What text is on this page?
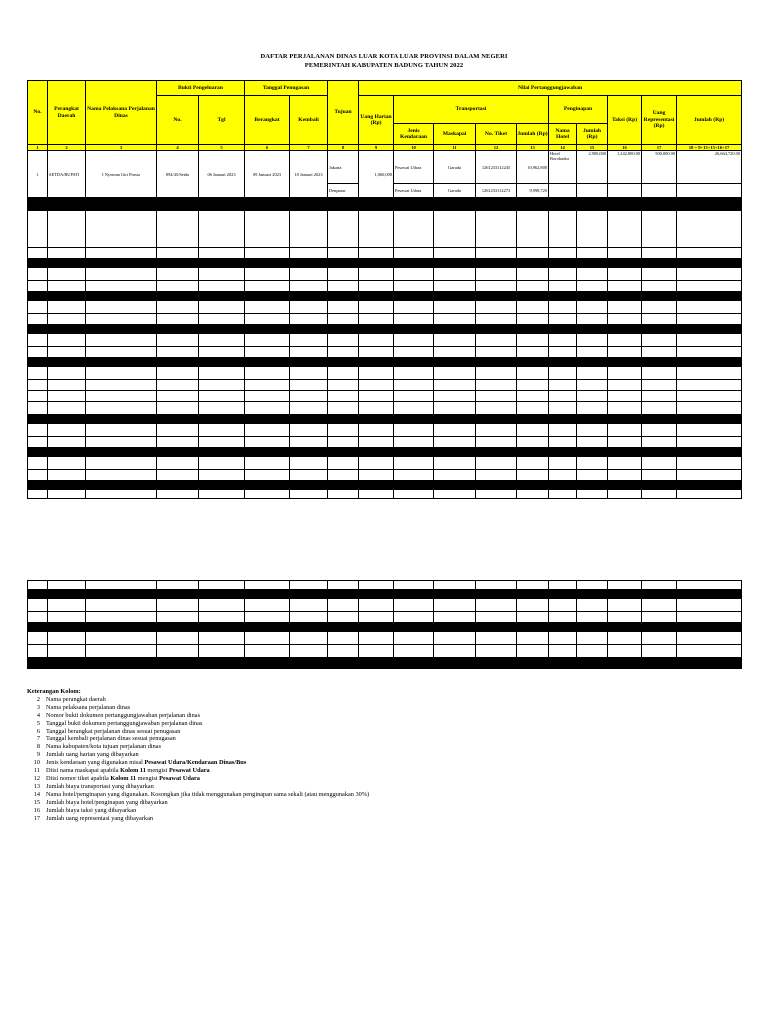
DAFTAR PERJALANAN DINAS LUAR KOTA LUAR PROVINSI DALAM NEGERI
PEMERINTAH KABUPATEN BADUNG TAHUN 2022
No.	Perangkat Daerah	Nama Pelaksana Perjalanan Dinas	Bukti Pengeluaran		Tanggal Penugasan		Tujuan	Nilai Pertanggungjawaban									
			No.	Tgl	Berangkat	Kembali		Uang Harian (Rp)	Transportasi				Penginapan		Taksi (Rp)	Uang Representasi (Rp)	Jumlah (Rp)
									Jenis Kendaraan	Maskapai	No. Tiket	Jumlah (Rp)	Nama Hotel	Jumlah (Rp)			
1	2	3	4	5	6	7	8	9	10	11	12	13	14	15	16	17	18 = 9+13+15+16+17
1	SETDA/BUPATI	I Nyoman Giri Prasta	894/45/Setda	06 Januari 2023	09 Januari 2023	10 Januari 2023	Jakarta	1,060,000	Pesawat Udara	Garuda	1261233112245	10,962,800	Hotel Borobudur	2,900,000	1,242,800.00	500,000.00	26,664,720.00
							Denpasar		Pesawat Udara	Garuda	1261233112273	9,998,720					

Keterangan Kolom:
2 Nama perangkat daerah
3 Nama pelaksana perjalanan dinas
4 Nomor bukti dokumen pertanggungjawaban perjalanan dinas
5 Tanggal bukti dokumen pertanggungjawaban perjalanan dinas
6 Tanggal berangkat perjalanan dinas sesuai penugasan
7 Tanggal kembali perjalanan dinas sesuai penugasan
8 Nama kabupaten/kota tujuan perjalanan dinas
9 Jumlah uang harian yang dibayarkan
10 Jenis kendaraan yang digunakan misal Pesawat Udara/Kendaraan Dinas/Bus
11 Diisi nama maskapai apabila Kolom 11 mengisi Pesawat Udara
12 Diisi nomor tiket apabila Kolom 11 mengisi Pesawat Udara
13 Jumlah biaya transportasi yang dibayarkan
14 Nama hotel/penginapan yang digunakan. Kosongkan jika tidak menggunakan penginapan sama sekali (atau menggunakan 30%)
15 Jumlah biaya hotel/penginapan yang dibayarkan
16 Jumlah biaya taksi yang dibayarkan
17 Jumlah uang representasi yang dibayarkan
